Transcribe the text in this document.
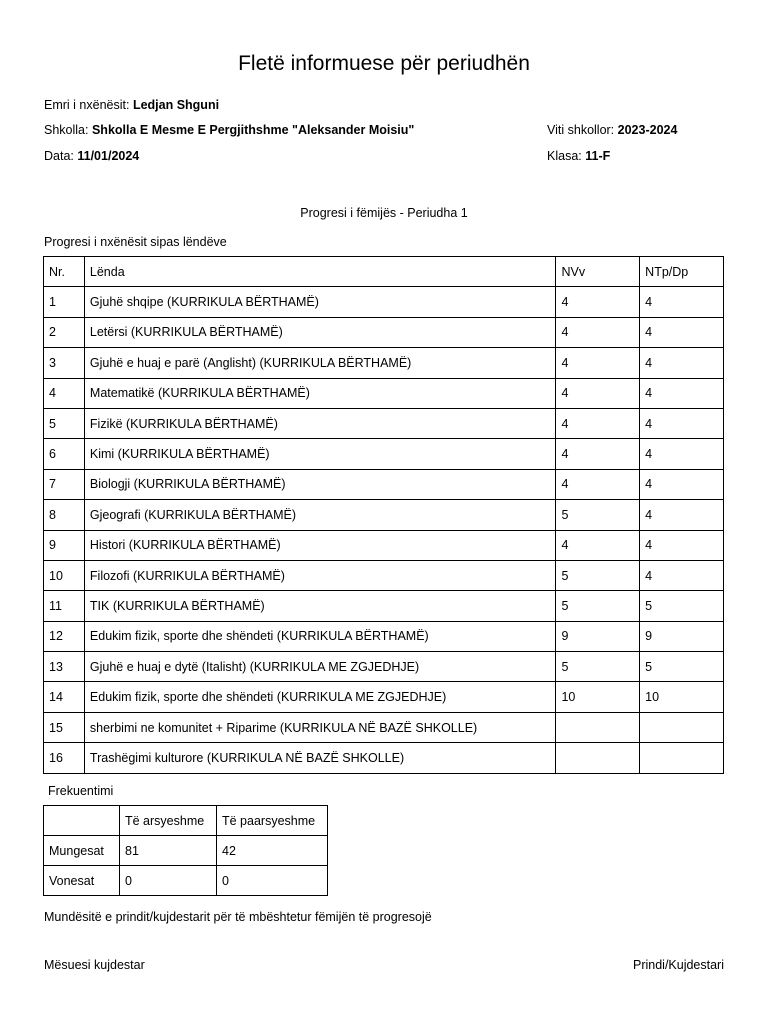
Fletë informuese për periudhën
Emri i nxënësit: Ledjan Shguni
Shkolla: Shkolla E Mesme E Pergjithshme "Aleksander Moisiu"	Viti shkollor: 2023-2024
Data: 11/01/2024	Klasa: 11-F
Progresi i fëmijës - Periudha 1
Progresi i nxënësit sipas lëndëve
Nr.	Lënda	NVv	NTp/Dp
1	Gjuhë shqipe (KURRIKULA BËRTHAMË)	4	4
2	Letërsi (KURRIKULA BËRTHAMË)	4	4
3	Gjuhë e huaj e parë (Anglisht) (KURRIKULA BËRTHAMË)	4	4
4	Matematikë (KURRIKULA BËRTHAMË)	4	4
5	Fizikë (KURRIKULA BËRTHAMË)	4	4
6	Kimi (KURRIKULA BËRTHAMË)	4	4
7	Biologji (KURRIKULA BËRTHAMË)	4	4
8	Gjeografi (KURRIKULA BËRTHAMË)	5	4
9	Histori (KURRIKULA BËRTHAMË)	4	4
10	Filozofi (KURRIKULA BËRTHAMË)	5	4
11	TIK (KURRIKULA BËRTHAMË)	5	5
12	Edukim fizik, sporte dhe shëndeti (KURRIKULA BËRTHAMË)	9	9
13	Gjuhë e huaj e dytë (Italisht) (KURRIKULA ME ZGJEDHJE)	5	5
14	Edukim fizik, sporte dhe shëndeti (KURRIKULA ME ZGJEDHJE)	10	10
15	sherbimi ne komunitet + Riparime (KURRIKULA NË BAZË SHKOLLE)		
16	Trashëgimi kulturore (KURRIKULA NË BAZË SHKOLLE)		
Frekuentimi
	Të arsyeshme	Të paarsyeshme
Mungesat	81	42
Vonesat	0	0
Mundësitë e prindit/kujdestarit për të mbështetur fëmijën të progresojë
Mësuesi kujdestar	Prindi/Kujdestari
